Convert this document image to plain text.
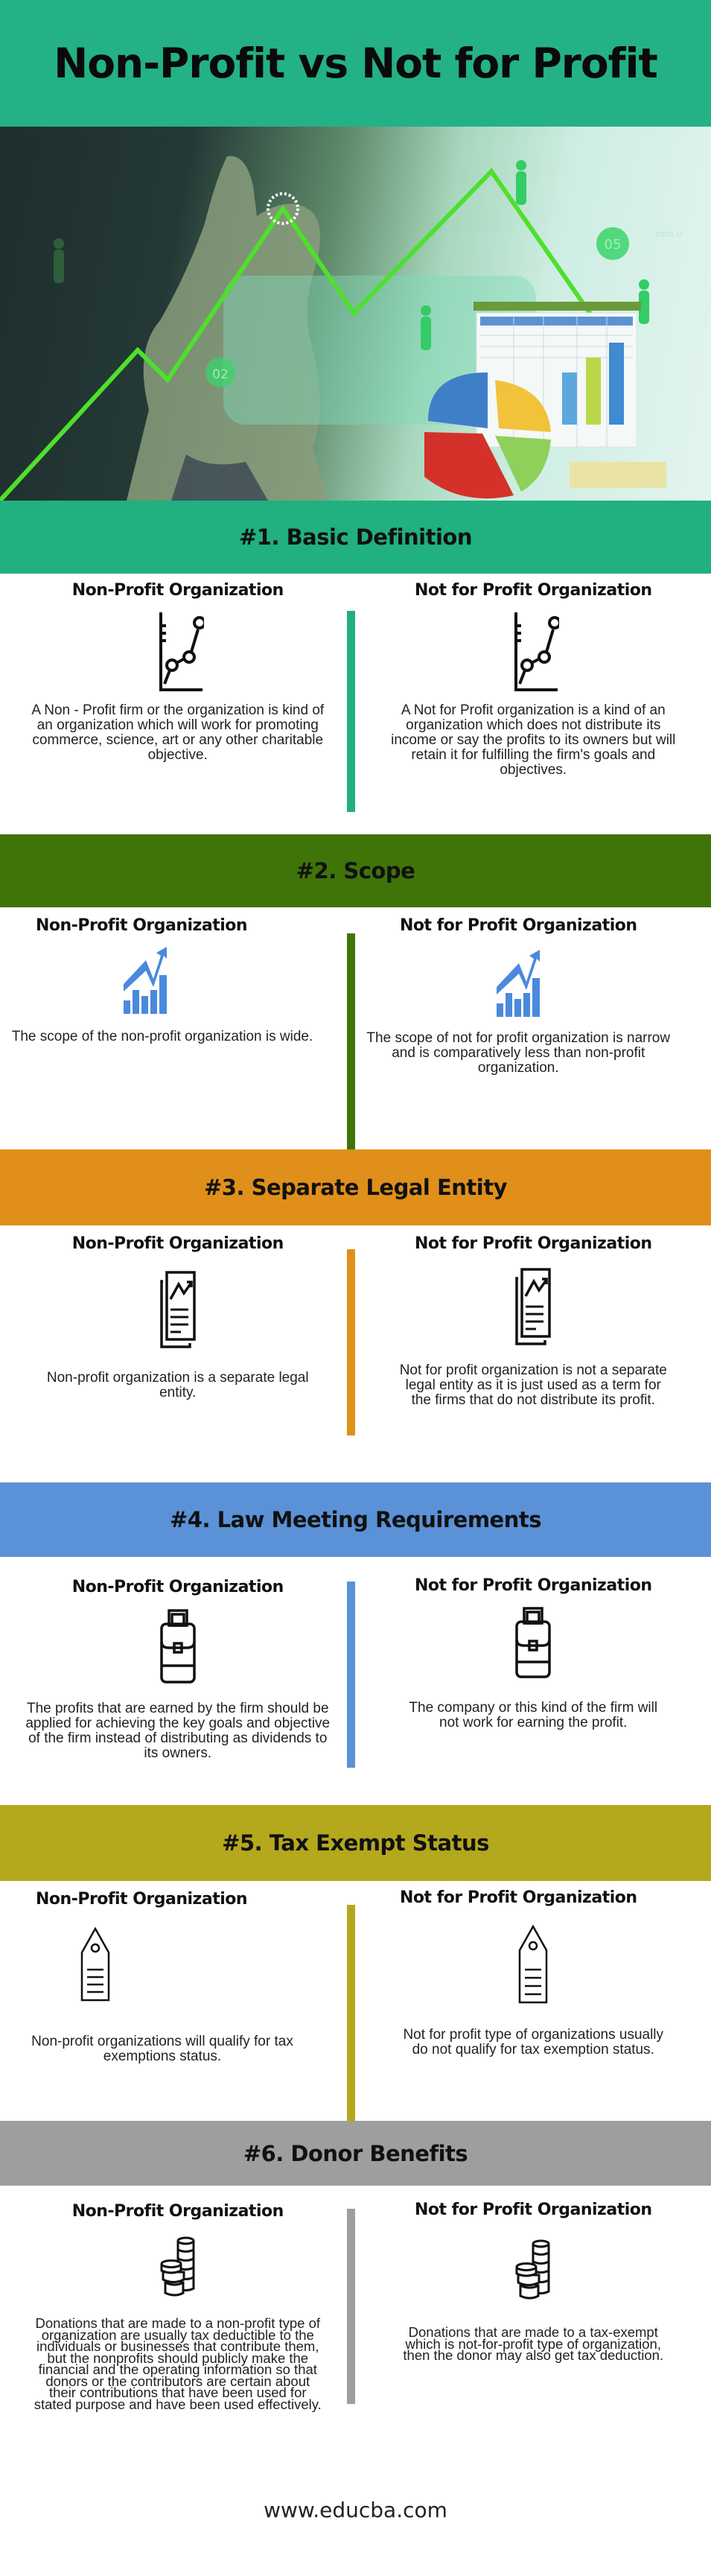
Non-Profit vs Not for Profit
05
DATA D
02
#1. Basic Definition
Non-Profit Organization
A Non - Profit firm or the organization is kind of an organization which will work for promoting commerce, science, art or any other charitable objective.
Not for Profit Organization
A Not for Profit organization is a kind of an organization which does not distribute its income or say the profits to its owners but will retain it for fulfilling the firm's goals and objectives.
#2. Scope
Non-Profit Organization
The scope of the non-profit organization is wide.
Not for Profit Organization
The scope of not for profit organization is narrow and is comparatively less than non-profit organization.
#3. Separate Legal Entity
Non-Profit Organization
Non-profit organization is a separate legal entity.
Not for Profit Organization
Not for profit organization is not a separate legal entity as it is just used as a term for the firms that do not distribute its profit.
#4. Law Meeting Requirements
Non-Profit Organization
The profits that are earned by the firm should be applied for achieving the key goals and objective of the firm instead of distributing as dividends to its owners.
Not for Profit Organization
The company or this kind of the firm will not work for earning the profit.
#5. Tax Exempt Status
Non-Profit Organization
Non-profit organizations will qualify for tax exemptions status.
Not for Profit Organization
Not for profit type of organizations usually do not qualify for tax exemption status.
#6. Donor Benefits
Non-Profit Organization
Donations that are made to a non-profit type of organization are usually tax deductible to the individuals or businesses that contribute them, but the nonprofits should publicly make the financial and the operating information so that donors or the contributors are certain about their contributions that have been used for stated purpose and have been used effectively.
Not for Profit Organization
Donations that are made to a tax-exempt which is not-for-profit type of organization, then the donor may also get tax deduction.
www.educba.com
